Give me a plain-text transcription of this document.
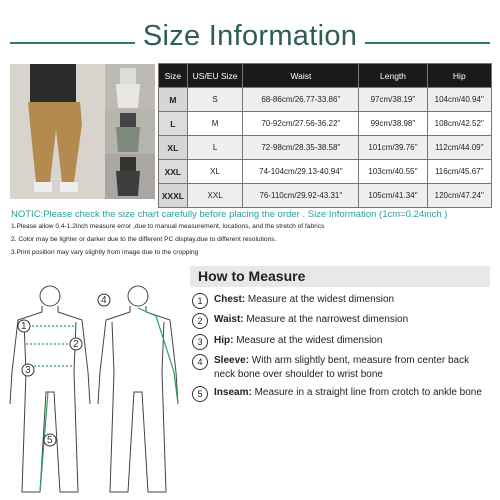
Size Information
Size	US/EU Size	Waist	Length	Hip
M	S	68-86cm/26.77-33.86''	97cm/38.19''	104cm/40.94''
L	M	70-92cm/27.56-36.22''	99cm/38.98''	108cm/42.52''
XL	L	72-98cm/28.35-38.58''	101cm/39.76''	112cm/44.09''
XXL	XL	74-104cm/29.13-40.94''	103cm/40.55''	116cm/45.67''
XXXL	XXL	76-110cm/29.92-43.31''	105cm/41.34''	120cm/47.24''
NOTIC:Please check the size chart carefully before placing the order . Size Information (1cm=0.24inch )
1.Please allow 0.4-1.2inch measure error ,due to manual measurement, locations, and the stretch of fabrics
2. Color may be lighter or darker due to the different PC display,due to different resolutions.
3.Print position may vary slightly from image due to the cropping
How to Measure
1 Chest: Measure at the widest dimension
2 Waist: Measure at the narrowest dimension
3 Hip: Measure at the widest dimension
4 Sleeve: With arm slightly bent, measure from center back neck bone over shoulder to wrist bone
5 Inseam: Measure in a straight line from crotch to ankle bone
1
2
3
4
5
